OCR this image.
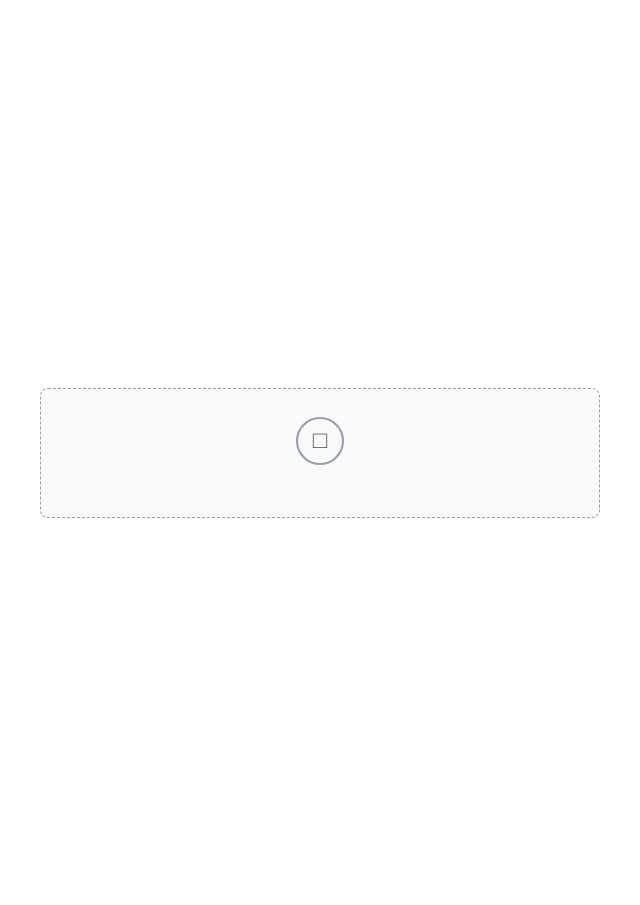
□
